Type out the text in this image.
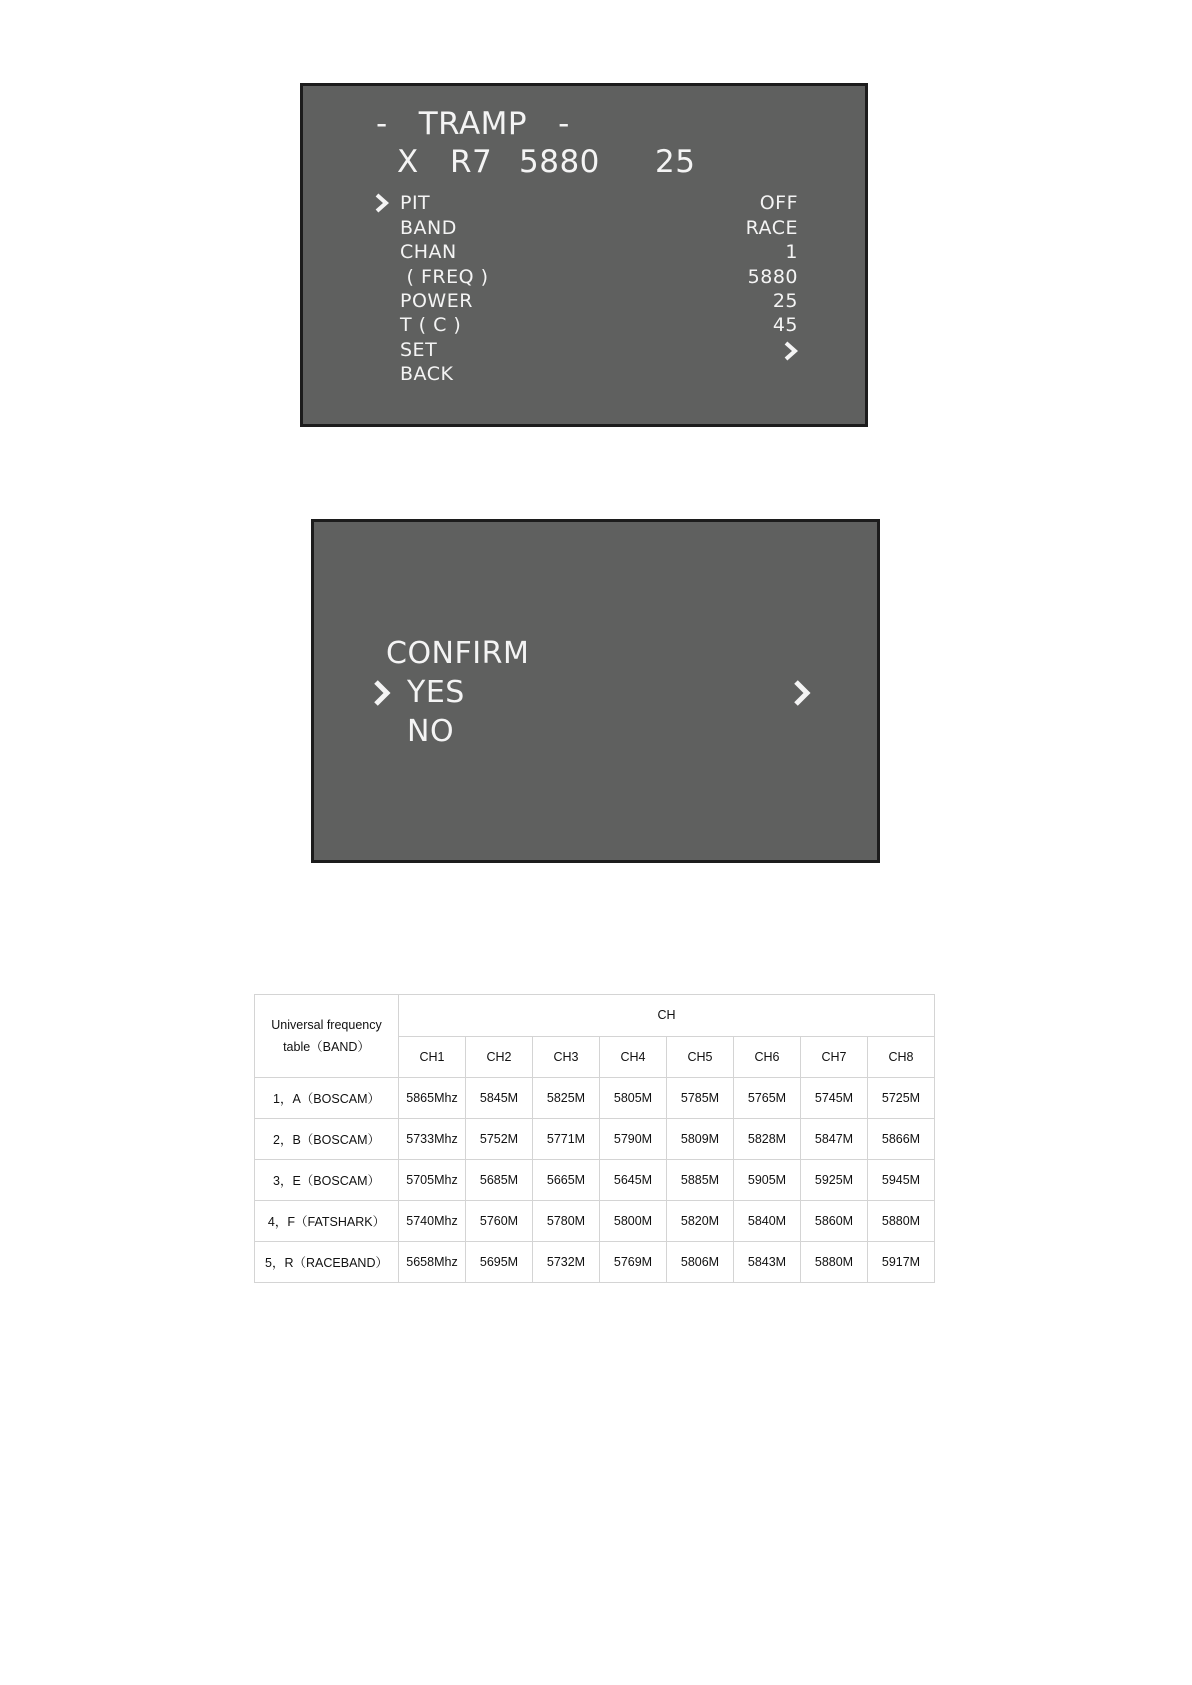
-   TRAMP   -
X R7 5880 25
PIT	OFF
BAND	RACE
CHAN	1
( FREQ )	5880
POWER	25
T ( C )	45
SET
BACK
CONFIRM
YES
NO
Universal frequency
table（BAND）	CH							
	CH1	CH2	CH3	CH4	CH5	CH6	CH7	CH8
1，A（BOSCAM）	5865Mhz	5845M	5825M	5805M	5785M	5765M	5745M	5725M
2，B（BOSCAM）	5733Mhz	5752M	5771M	5790M	5809M	5828M	5847M	5866M
3，E（BOSCAM）	5705Mhz	5685M	5665M	5645M	5885M	5905M	5925M	5945M
4，F（FATSHARK）	5740Mhz	5760M	5780M	5800M	5820M	5840M	5860M	5880M
5，R（RACEBAND）	5658Mhz	5695M	5732M	5769M	5806M	5843M	5880M	5917M
